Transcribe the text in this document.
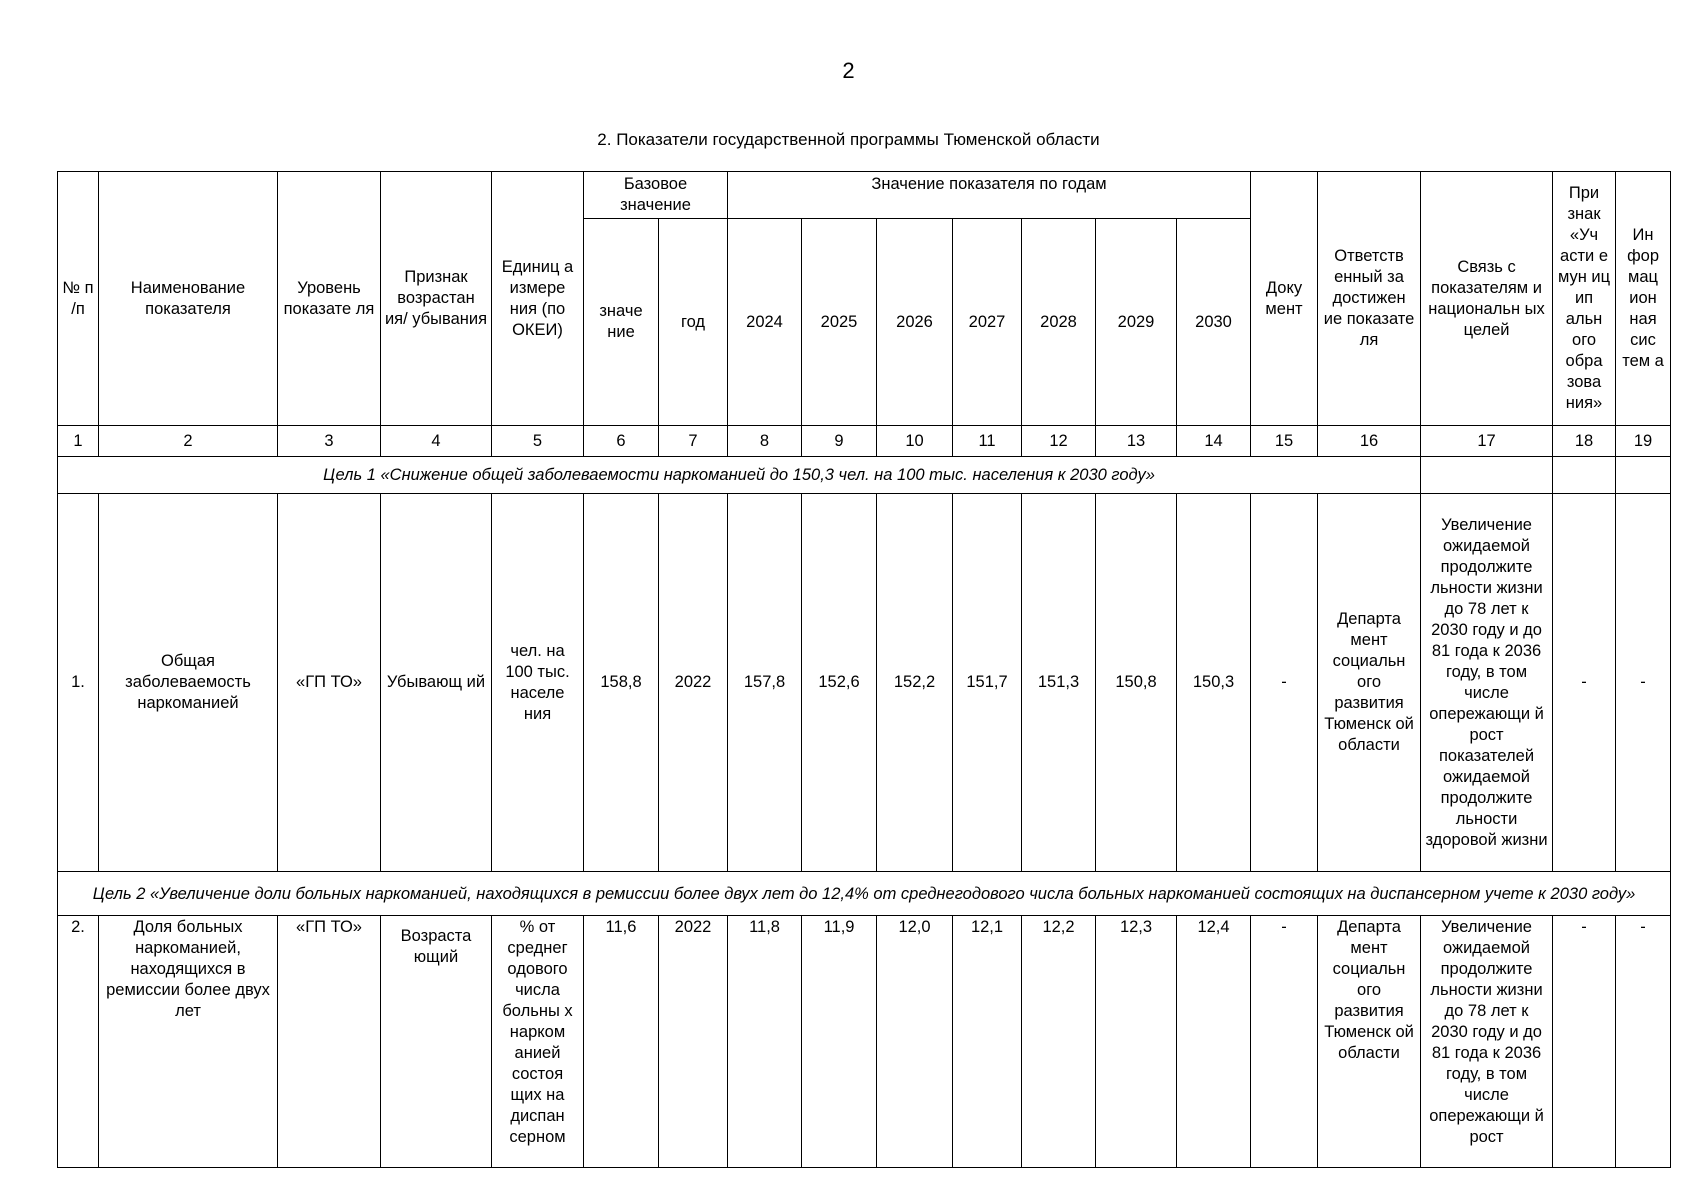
2
2. Показатели государственной программы Тюменской области
№ п /п	Наименование показателя	Уровень показате ля	Признак возрастан ия/ убывания	Единиц а измере ния (по ОКЕИ)	Базовое значение		Значение показателя по годам							Доку мент	Ответств енный за достижен ие показате ля	Связь с показателям и национальн ых целей	При знак «Уч асти е мун иц ип альн ого обра зова ния»	Ин фор мац ион ная сис тем а
					значе ние	год	2024	2025	2026	2027	2028	2029	2030					
1	2	3	4	5	6	7	8	9	10	11	12	13	14	15	16	17	18	19
Цель 1 «Снижение общей заболеваемости наркоманией до 150,3 чел. на 100 тыс. населения к 2030 году»																		
1.	Общая заболеваемость наркоманией	«ГП ТО»	Убывающ ий	чел. на 100 тыс. населе ния	158,8	2022	157,8	152,6	152,2	151,7	151,3	150,8	150,3	-	Департа мент социальн ого развития Тюменск ой области	Увеличение ожидаемой продолжите льности жизни до 78 лет к 2030 году и до 81 года к 2036 году, в том числе опережающи й рост показателей ожидаемой продолжите льности здоровой жизни	-	-
Цель 2 «Увеличение доли больных наркоманией, находящихся в ремиссии более двух лет до 12,4% от среднегодового числа больных наркоманией состоящих на диспансерном учете к 2030 году»																		
2.	Доля больных наркоманией, находящихся в ремиссии более двух лет	«ГП ТО»	Возраста ющий	% от среднег одового числа больны х нарком анией состоя щих на диспан серном	11,6	2022	11,8	11,9	12,0	12,1	12,2	12,3	12,4	-	Департа мент социальн ого развития Тюменск ой области	Увеличение ожидаемой продолжите льности жизни до 78 лет к 2030 году и до 81 года к 2036 году, в том числе опережающи й рост	-	-
